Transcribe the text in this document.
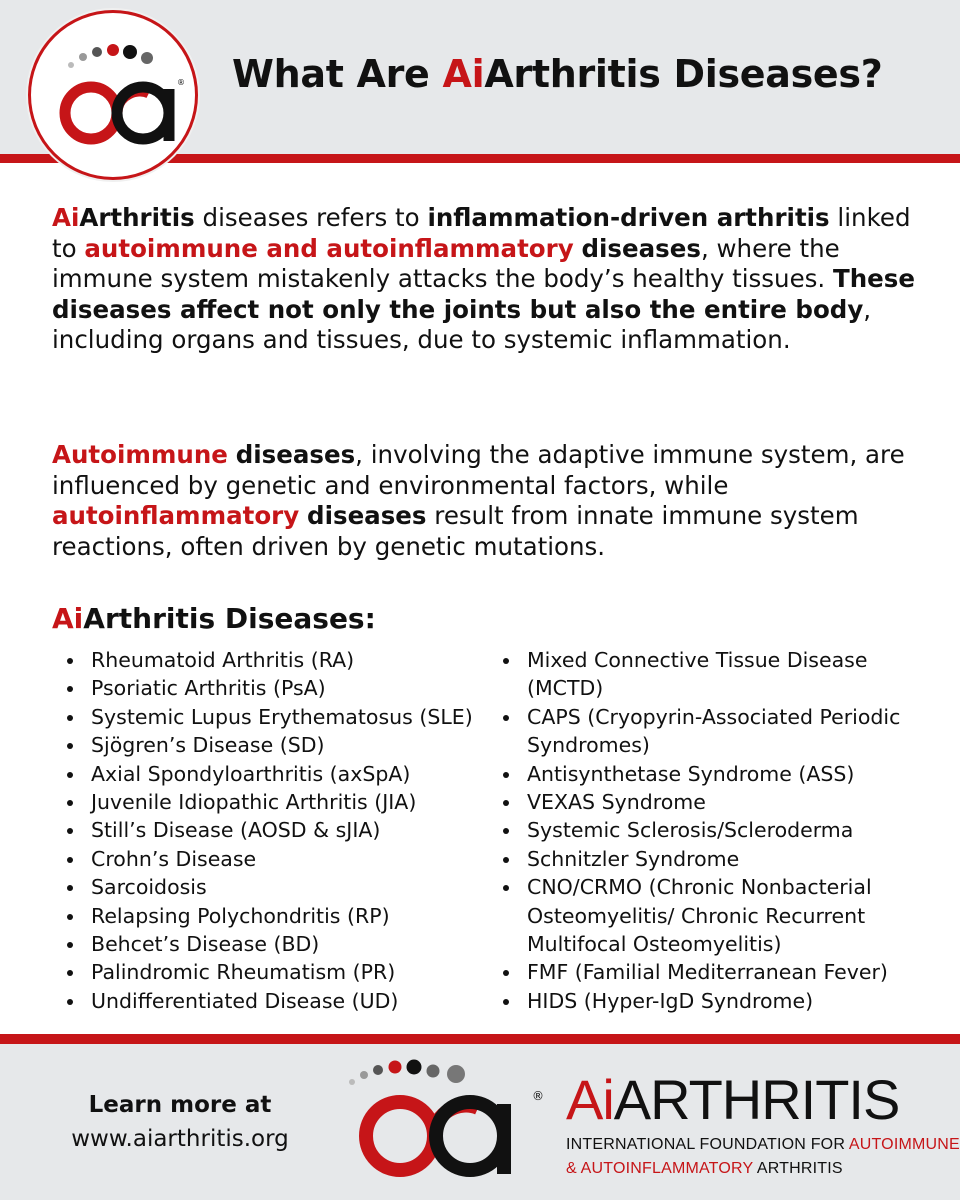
® What Are AiArthritis Diseases?

AiArthritis diseases refers to inflammation-driven arthritis linked to autoimmune and autoinflammatory diseases, where the immune system mistakenly attacks the body’s healthy tissues. These diseases affect not only the joints but also the entire body, including organs and tissues, due to systemic inflammation.

Autoimmune diseases, involving the adaptive immune system, are influenced by genetic and environmental factors, while autoinflammatory diseases result from innate immune system reactions, often driven by genetic mutations.

AiArthritis Diseases:
Rheumatoid Arthritis (RA)
Psoriatic Arthritis (PsA)
Systemic Lupus Erythematosus (SLE)
Sjögren’s Disease (SD)
Axial Spondyloarthritis (axSpA)
Juvenile Idiopathic Arthritis (JIA)
Still’s Disease (AOSD & sJIA)
Crohn’s Disease
Sarcoidosis
Relapsing Polychondritis (RP)
Behcet’s Disease (BD)
Palindromic Rheumatism (PR)
Undifferentiated Disease (UD)
Mixed Connective Tissue Disease (MCTD)
CAPS (Cryopyrin-Associated Periodic Syndromes)
Antisynthetase Syndrome (ASS)
VEXAS Syndrome
Systemic Sclerosis/Scleroderma
Schnitzler Syndrome
CNO/CRMO (Chronic Nonbacterial Osteomyelitis/ Chronic Recurrent Multifocal Osteomyelitis)
FMF (Familial Mediterranean Fever)
HIDS (Hyper-IgD Syndrome)
Learn more at
www.aiarthritis.org
® AiARTHRITIS
INTERNATIONAL FOUNDATION FOR AUTOIMMUNE
& AUTOINFLAMMATORY ARTHRITIS
